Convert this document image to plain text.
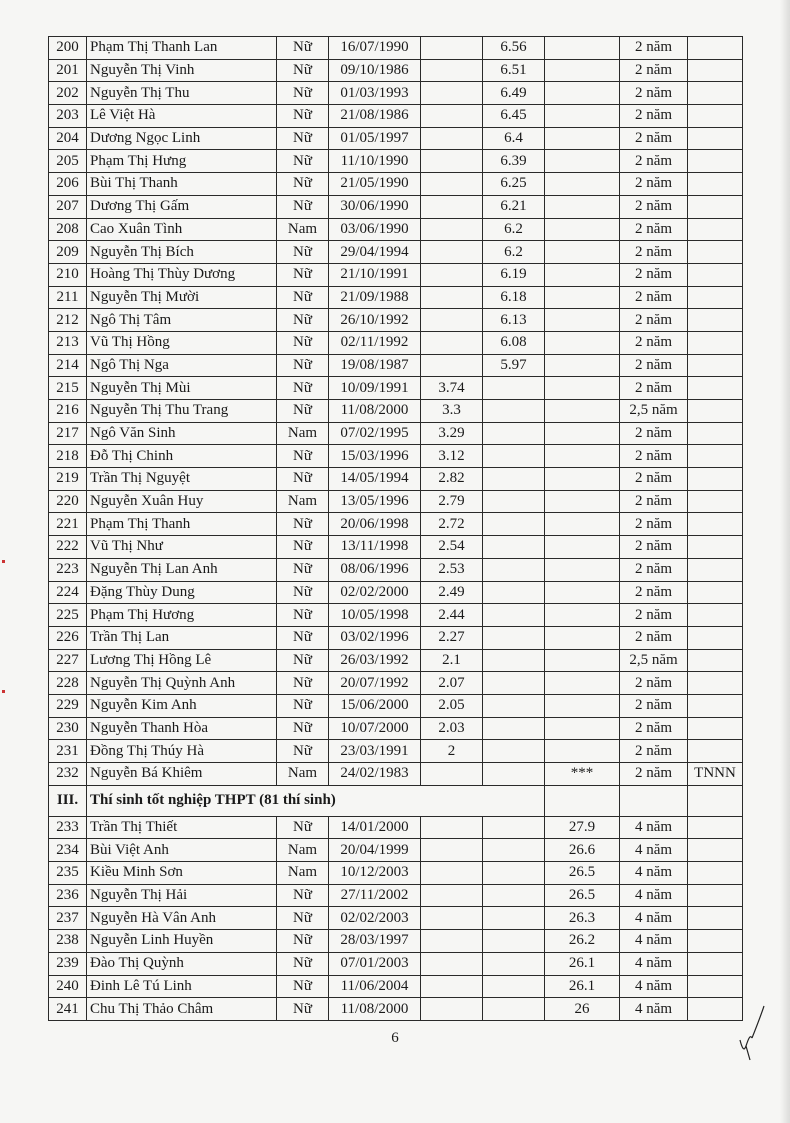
200	Phạm Thị Thanh Lan	Nữ	16/07/1990		6.56		2 năm	
201	Nguyễn Thị Vinh	Nữ	09/10/1986		6.51		2 năm	
202	Nguyễn Thị Thu	Nữ	01/03/1993		6.49		2 năm	
203	Lê Việt Hà	Nữ	21/08/1986		6.45		2 năm	
204	Dương Ngọc Linh	Nữ	01/05/1997		6.4		2 năm	
205	Phạm Thị Hưng	Nữ	11/10/1990		6.39		2 năm	
206	Bùi Thị Thanh	Nữ	21/05/1990		6.25		2 năm	
207	Dương Thị Gấm	Nữ	30/06/1990		6.21		2 năm	
208	Cao Xuân Tình	Nam	03/06/1990		6.2		2 năm	
209	Nguyễn Thị Bích	Nữ	29/04/1994		6.2		2 năm	
210	Hoàng Thị Thùy Dương	Nữ	21/10/1991		6.19		2 năm	
211	Nguyễn Thị Mười	Nữ	21/09/1988		6.18		2 năm	
212	Ngô Thị Tâm	Nữ	26/10/1992		6.13		2 năm	
213	Vũ Thị Hồng	Nữ	02/11/1992		6.08		2 năm	
214	Ngô Thị Nga	Nữ	19/08/1987		5.97		2 năm	
215	Nguyễn Thị Mùi	Nữ	10/09/1991	3.74			2 năm	
216	Nguyễn Thị Thu Trang	Nữ	11/08/2000	3.3			2,5 năm	
217	Ngô Văn Sinh	Nam	07/02/1995	3.29			2 năm	
218	Đỗ Thị Chinh	Nữ	15/03/1996	3.12			2 năm	
219	Trần Thị Nguyệt	Nữ	14/05/1994	2.82			2 năm	
220	Nguyễn Xuân Huy	Nam	13/05/1996	2.79			2 năm	
221	Phạm Thị Thanh	Nữ	20/06/1998	2.72			2 năm	
222	Vũ Thị Như	Nữ	13/11/1998	2.54			2 năm	
223	Nguyễn Thị Lan Anh	Nữ	08/06/1996	2.53			2 năm	
224	Đặng Thùy Dung	Nữ	02/02/2000	2.49			2 năm	
225	Phạm Thị Hương	Nữ	10/05/1998	2.44			2 năm	
226	Trần Thị Lan	Nữ	03/02/1996	2.27			2 năm	
227	Lương Thị Hồng Lê	Nữ	26/03/1992	2.1			2,5 năm	
228	Nguyễn Thị Quỳnh Anh	Nữ	20/07/1992	2.07			2 năm	
229	Nguyễn Kim Anh	Nữ	15/06/2000	2.05			2 năm	
230	Nguyễn Thanh Hòa	Nữ	10/07/2000	2.03			2 năm	
231	Đồng Thị Thúy Hà	Nữ	23/03/1991	2			2 năm	
232	Nguyễn Bá Khiêm	Nam	24/02/1983			***	2 năm	TNNN
III.	Thí sinh tốt nghiệp THPT (81 thí sinh)							
233	Trần Thị Thiết	Nữ	14/01/2000			27.9	4 năm	
234	Bùi Việt Anh	Nam	20/04/1999			26.6	4 năm	
235	Kiều Minh Sơn	Nam	10/12/2003			26.5	4 năm	
236	Nguyễn Thị Hải	Nữ	27/11/2002			26.5	4 năm	
237	Nguyễn Hà Vân Anh	Nữ	02/02/2003			26.3	4 năm	
238	Nguyễn Linh Huyền	Nữ	28/03/1997			26.2	4 năm	
239	Đào Thị Quỳnh	Nữ	07/01/2003			26.1	4 năm	
240	Đinh Lê Tú Linh	Nữ	11/06/2004			26.1	4 năm	
241	Chu Thị Thảo Châm	Nữ	11/08/2000			26	4 năm	
6
